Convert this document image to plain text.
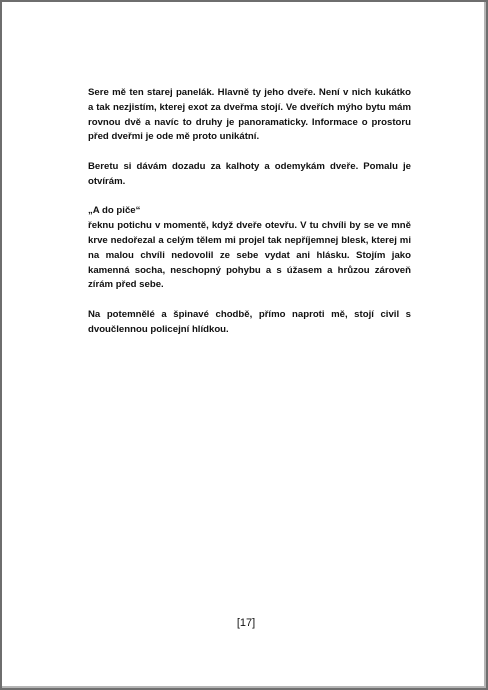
Sere mě ten starej panelák. Hlavně ty jeho dveře. Není v nich kukátko a tak nezjistím, kterej exot za dveřma stojí. Ve dveřích mýho bytu mám rovnou dvě a navíc to druhy je panoramaticky. Informace o prostoru před dveřmi je ode mě proto unikátní.

Beretu si dávám dozadu za kalhoty a odemykám dveře. Pomalu je otvírám.

„A do piče“
řeknu potichu v momentě, když dveře otevřu. V tu chvíli by se ve mně krve nedořezal a celým tělem mi projel tak nepříjemnej blesk, kterej mi na malou chvíli nedovolil ze sebe vydat ani hlásku. Stojím jako kamenná socha, neschopný pohybu a s úžasem a hrůzou zároveň zírám před sebe.

Na potemnělé a špinavé chodbě, přímo naproti mě, stojí civil s dvoučlennou policejní hlídkou.

[17]
